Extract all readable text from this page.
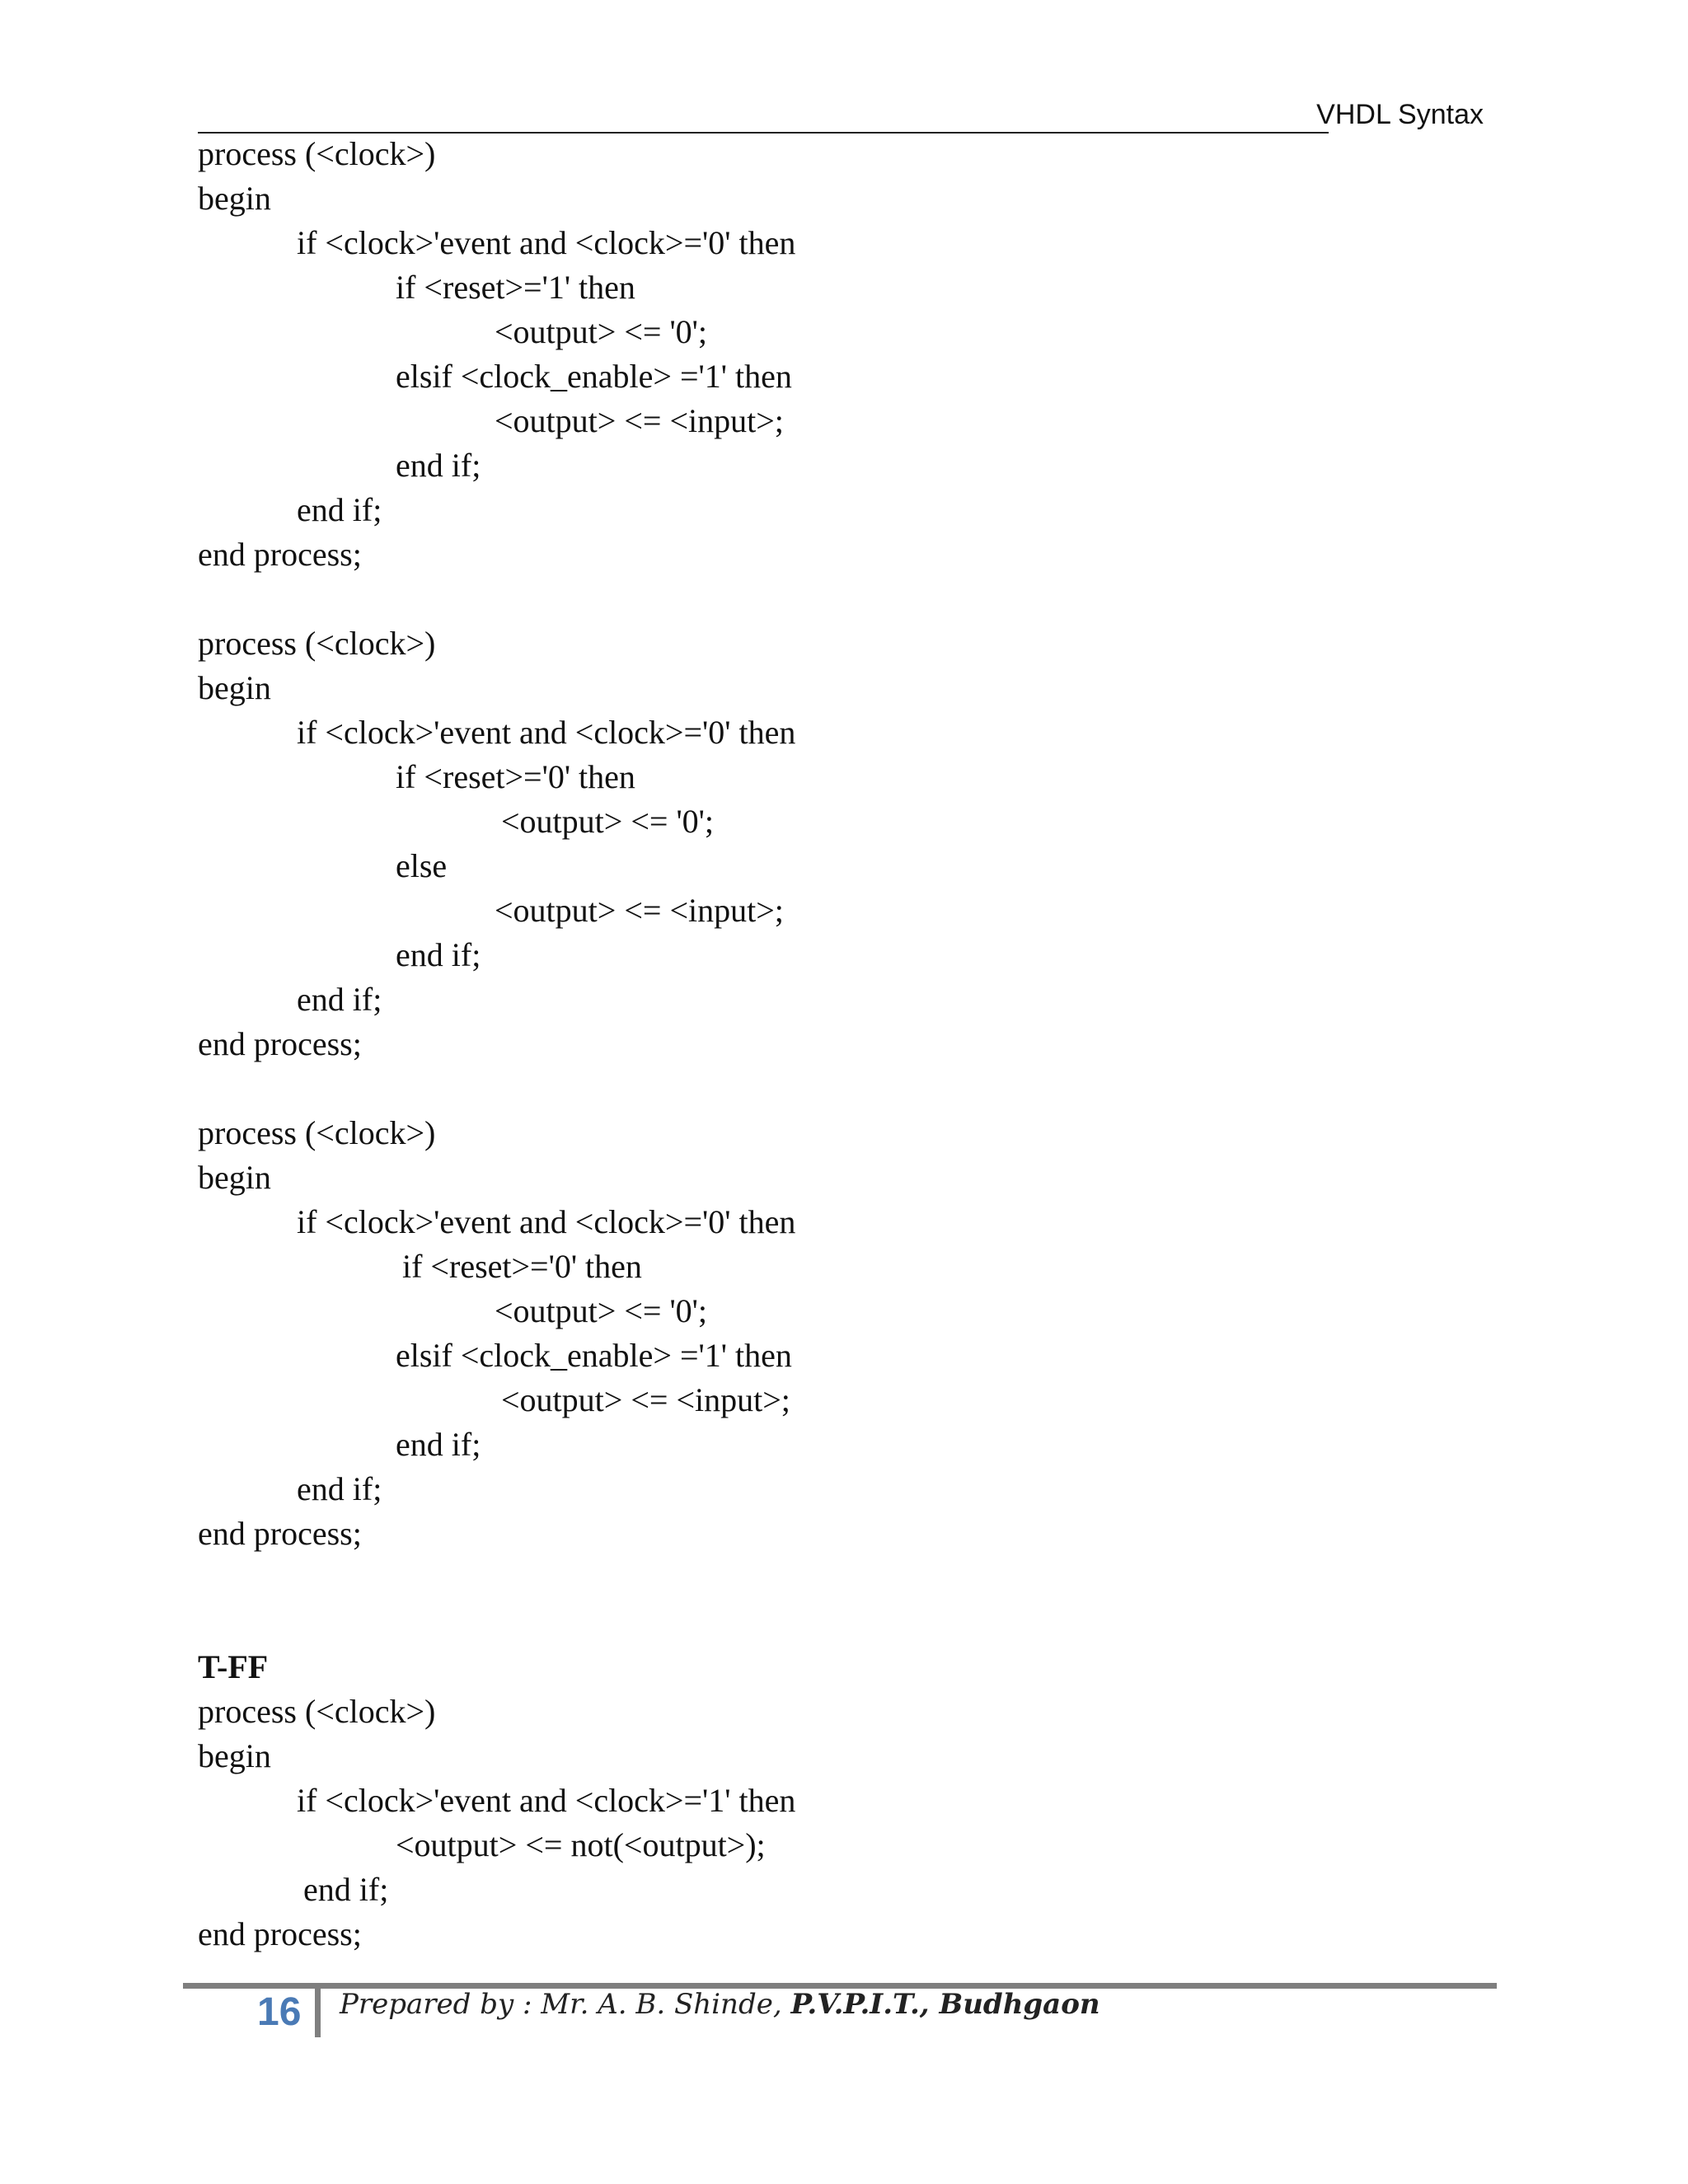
VHDL Syntax
process (<clock>)
begin
if <clock>'event and <clock>='0' then
if <reset>='1' then
<output> <= '0';
elsif <clock_enable> ='1' then
<output> <= <input>;
end if;
end if;
end process;
process (<clock>)
begin
if <clock>'event and <clock>='0' then
if <reset>='0' then
<output> <= '0';
else
<output> <= <input>;
end if;
end if;
end process;
process (<clock>)
begin
if <clock>'event and <clock>='0' then
if <reset>='0' then
<output> <= '0';
elsif <clock_enable> ='1' then
<output> <= <input>;
end if;
end if;
end process;
T-FF
process (<clock>)
begin
if <clock>'event and <clock>='1' then
<output> <= not(<output>);
end if;
end process;
16 Prepared by : Mr. A. B. Shinde, P.V.P.I.T., Budhgaon
